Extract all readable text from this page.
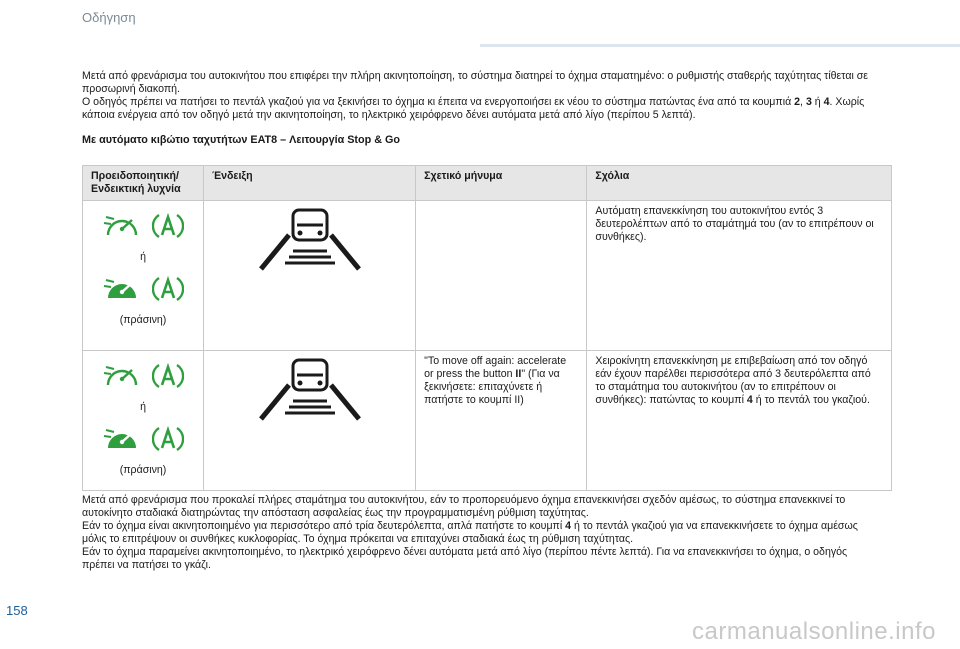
Οδήγηση

Μετά από φρενάρισμα του αυτοκινήτου που επιφέρει την πλήρη ακινητοποίηση, το σύστημα διατηρεί το όχημα σταματημένο: ο ρυθμιστής σταθερής ταχύτητας τίθεται σε προσωρινή διακοπή.

Ο οδηγός πρέπει να πατήσει το πεντάλ γκαζιού για να ξεκινήσει το όχημα κι έπειτα να ενεργοποιήσει εκ νέου το σύστημα πατώντας ένα από τα κουμπιά 2, 3 ή 4. Χωρίς κάποια ενέργεια από τον οδηγό μετά την ακινητοποίηση, το ηλεκτρικό χειρόφρενο δένει αυτόματα μετά από λίγο (περίπου 5 λεπτά).

Με αυτόματο κιβώτιο ταχυτήτων EAT8 – Λειτουργία Stop & Go
Προειδοποιητική/ Ενδεικτική λυχνία	Ένδειξη	Σχετικό μήνυμα	Σχόλια

ή
(πράσινη)			Αυτόματη επανεκκίνηση του αυτοκινήτου εντός 3 δευτερολέπτων από το σταμάτημά του (αν το επιτρέπουν οι συνθήκες).

ή
(πράσινη)		"To move off again: accelerate or press the button II" (Για να ξεκινήσετε: επιταχύνετε ή πατήστε το κουμπί II)	Χειροκίνητη επανεκκίνηση με επιβεβαίωση από τον οδηγό εάν έχουν παρέλθει περισσότερα από 3 δευτερόλεπτα από το σταμάτημα του αυτοκινήτου (αν το επιτρέπουν οι συνθήκες): πατώντας το κουμπί 4 ή το πεντάλ του γκαζιού.

Μετά από φρενάρισμα που προκαλεί πλήρες σταμάτημα του αυτοκινήτου, εάν το προπορευόμενο όχημα επανεκκινήσει σχεδόν αμέσως, το σύστημα επανεκκινεί το αυτοκίνητο σταδιακά διατηρώντας την απόσταση ασφαλείας έως την προγραμματισμένη ρύθμιση ταχύτητας.

Εάν το όχημα είναι ακινητοποιημένο για περισσότερο από τρία δευτερόλεπτα, απλά πατήστε το κουμπί 4 ή το πεντάλ γκαζιού για να επανεκκινήσετε το όχημα αμέσως μόλις το επιτρέψουν οι συνθήκες κυκλοφορίας. Το όχημα πρόκειται να επιταχύνει σταδιακά έως τη ρύθμιση ταχύτητας.

Εάν το όχημα παραμείνει ακινητοποιημένο, το ηλεκτρικό χειρόφρενο δένει αυτόματα μετά από λίγο (περίπου πέντε λεπτά). Για να επανεκκινήσει το όχημα, ο οδηγός πρέπει να πατήσει το γκάζι.

158
carmanualsonline.info
